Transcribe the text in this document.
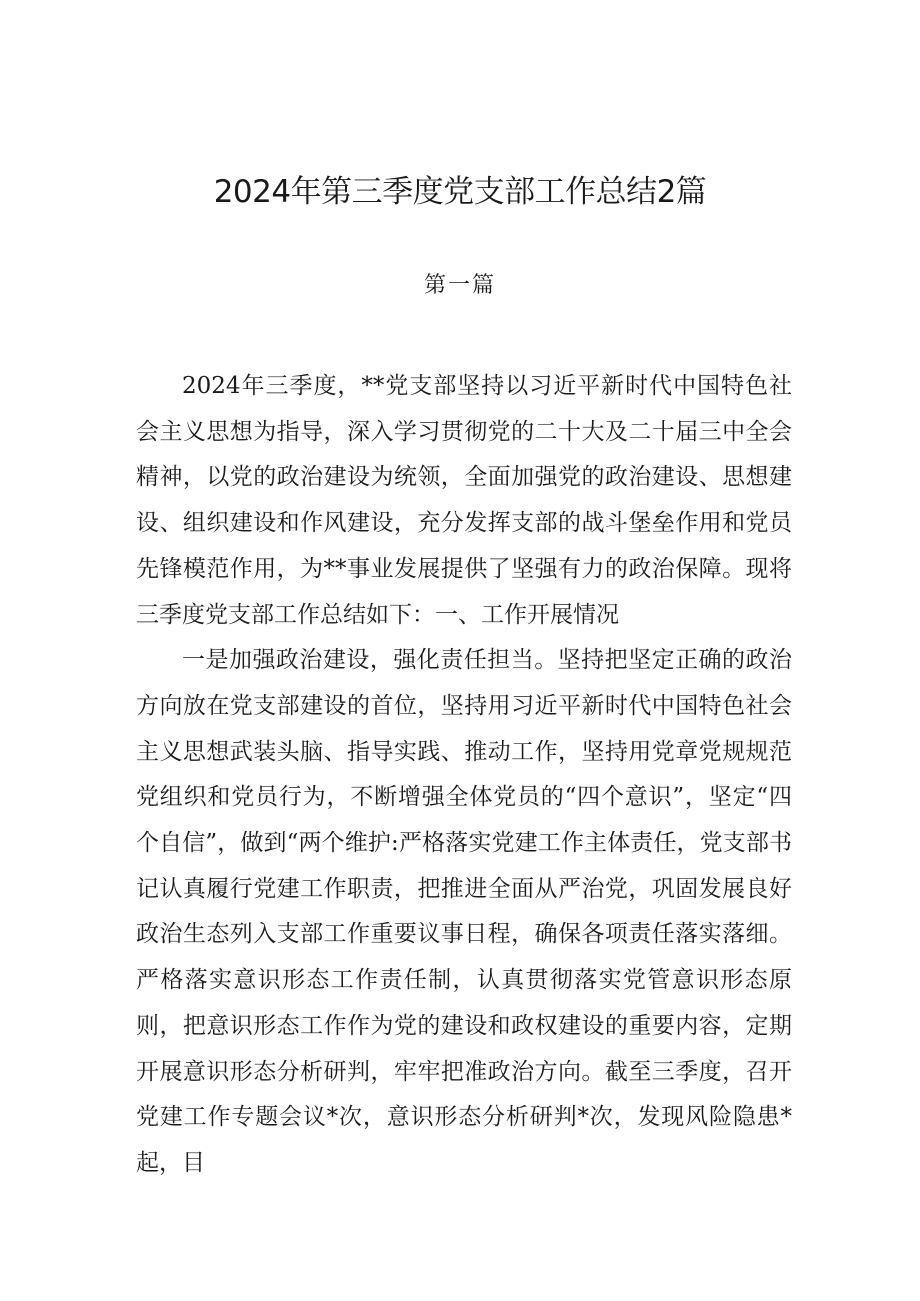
2024年第三季度党支部工作总结2篇
第一篇

2024年三季度，**党支部坚持以习近平新时代中国特色社会主义思想为指导，深入学习贯彻党的二十大及二十届三中全会精神，以党的政治建设为统领，全面加强党的政治建设、思想建设、组织建设和作风建设，充分发挥支部的战斗堡垒作用和党员先锋模范作用，为**事业发展提供了坚强有力的政治保障。现将三季度党支部工作总结如下：一、工作开展情况

一是加强政治建设，强化责任担当。坚持把坚定正确的政治方向放在党支部建设的首位，坚持用习近平新时代中国特色社会主义思想武装头脑、指导实践、推动工作，坚持用党章党规规范党组织和党员行为，不断增强全体党员的“四个意识”，坚定“四个自信”，做到“两个维护:严格落实党建工作主体责任，党支部书记认真履行党建工作职责，把推进全面从严治党，巩固发展良好政治生态列入支部工作重要议事日程，确保各项责任落实落细。严格落实意识形态工作责任制，认真贯彻落实党管意识形态原则，把意识形态工作作为党的建设和政权建设的重要内容，定期开展意识形态分析研判，牢牢把准政治方向。截至三季度，召开党建工作专题会议*次，意识形态分析研判*次，发现风险隐患*起，目
